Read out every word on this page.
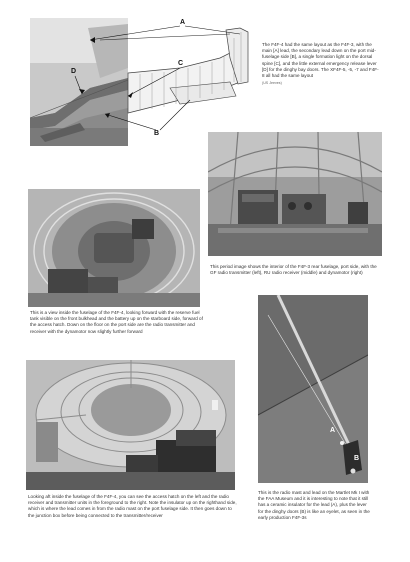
A
C
D
B

The F4F-4 had the same layout as the F4F-3, with the main [A] lead, the secondary lead down on the port mid-fuselage side [B], a single formation light on the dorsal spine [C], and the little external emergency release lever [D] for the dinghy bay doors. The XF4F-5, -5, -7 and F4F-8 all had the same layout
(US Jeeves)

This period image shows the interior of the F4F-3 rear fuselage, port side, with the GF radio transmitter (left), RU radio receiver (middle) and dynamotor (right)

This is a view inside the fuselage of the F4F-4, looking forward with the reserve fuel tank visible on the front bulkhead and the battery up on the starboard side, forward of the access hatch. Down on the floor on the port side are the radio transmitter and receiver with the dynamotor now slightly further forward

Looking aft inside the fuselage of the F4F-4, you can see the access hatch on the left and the radio receiver and transmitter units in the foreground to the right. Note the insulator up on the righthand side, which is where the lead comes in from the radio mast on the port fuselage side. It then goes down to the junction box before being connected to the transmitter/receiver

A
B

This is the radio mast and lead on the Martlet Mk I with the FAA Museum and it is interesting to note that it still has a ceramic insulator for the lead (A), plus the lever for the dinghy doors (B) is like an eyelet, as seen in the early production F4F-3s
